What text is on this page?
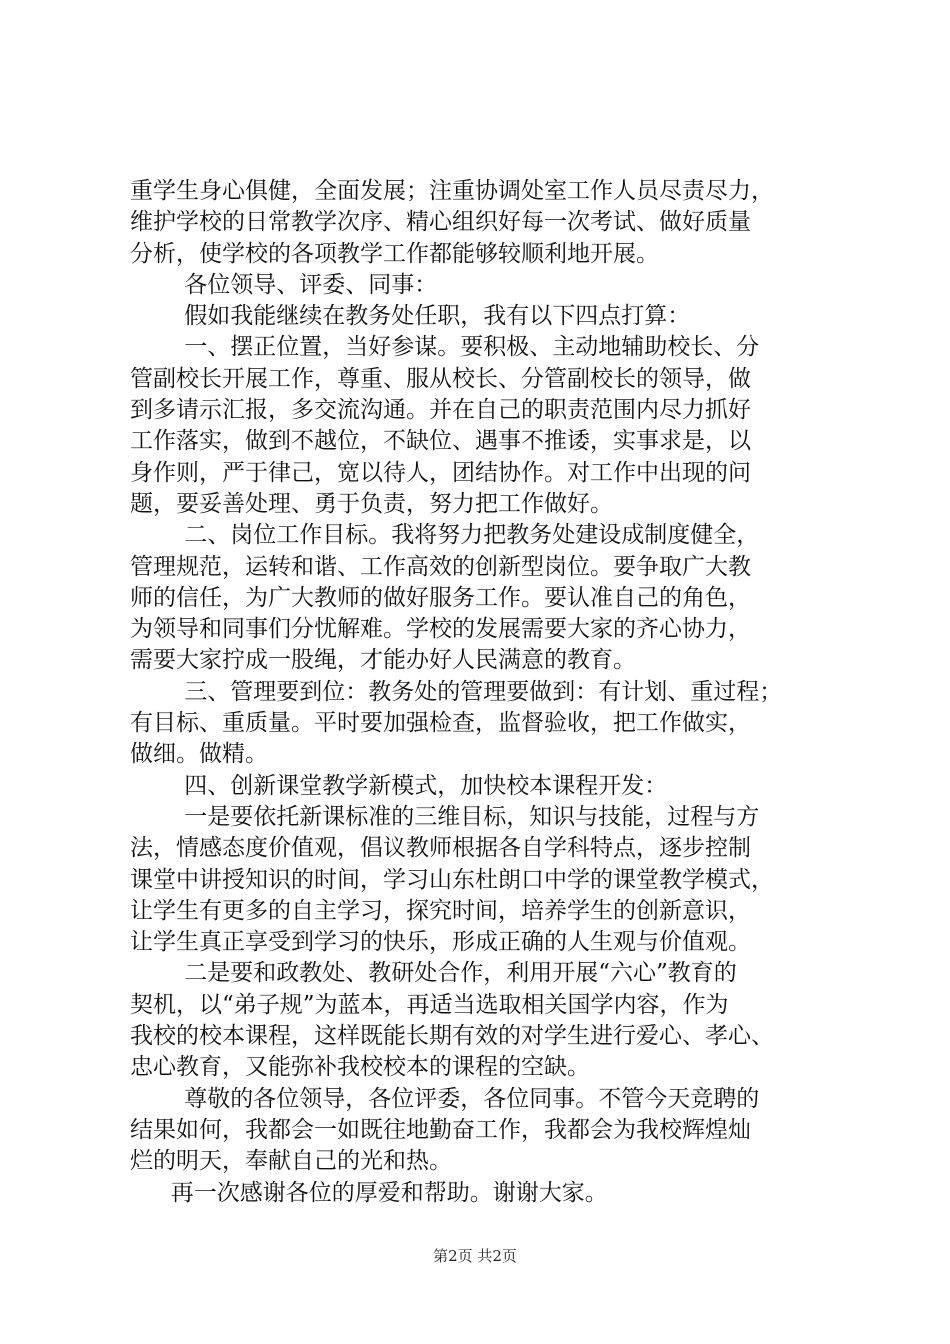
重学生身心俱健，全面发展；注重协调处室工作人员尽责尽力，
维护学校的日常教学次序、精心组织好每一次考试、做好质量
分析，使学校的各项教学工作都能够较顺利地开展。
各位领导、评委、同事：
假如我能继续在教务处任职，我有以下四点打算：
一、摆正位置，当好参谋。要积极、主动地辅助校长、分
管副校长开展工作，尊重、服从校长、分管副校长的领导，做
到多请示汇报，多交流沟通。并在自己的职责范围内尽力抓好
工作落实，做到不越位，不缺位、遇事不推诿，实事求是，以
身作则，严于律己，宽以待人，团结协作。对工作中出现的问
题，要妥善处理、勇于负责，努力把工作做好。
二、岗位工作目标。我将努力把教务处建设成制度健全，
管理规范，运转和谐、工作高效的创新型岗位。要争取广大教
师的信任，为广大教师的做好服务工作。要认准自己的角色，
为领导和同事们分忧解难。学校的发展需要大家的齐心协力，
需要大家拧成一股绳，才能办好人民满意的教育。
三、管理要到位：教务处的管理要做到：有计划、重过程；
有目标、重质量。平时要加强检查，监督验收，把工作做实，
做细。做精。
四、创新课堂教学新模式，加快校本课程开发：
一是要依托新课标准的三维目标，知识与技能，过程与方
法，情感态度价值观，倡议教师根据各自学科特点，逐步控制
课堂中讲授知识的时间，学习山东杜朗口中学的课堂教学模式，
让学生有更多的自主学习，探究时间，培养学生的创新意识，
让学生真正享受到学习的快乐，形成正确的人生观与价值观。
二是要和政教处、教研处合作，利用开展“六心”教育的
契机，以“弟子规”为蓝本，再适当选取相关国学内容，作为
我校的校本课程，这样既能长期有效的对学生进行爱心、孝心、
忠心教育，又能弥补我校校本的课程的空缺。
尊敬的各位领导，各位评委，各位同事。不管今天竞聘的
结果如何，我都会一如既往地勤奋工作，我都会为我校辉煌灿
烂的明天，奉献自己的光和热。
再一次感谢各位的厚爱和帮助。谢谢大家。
第2页 共2页
